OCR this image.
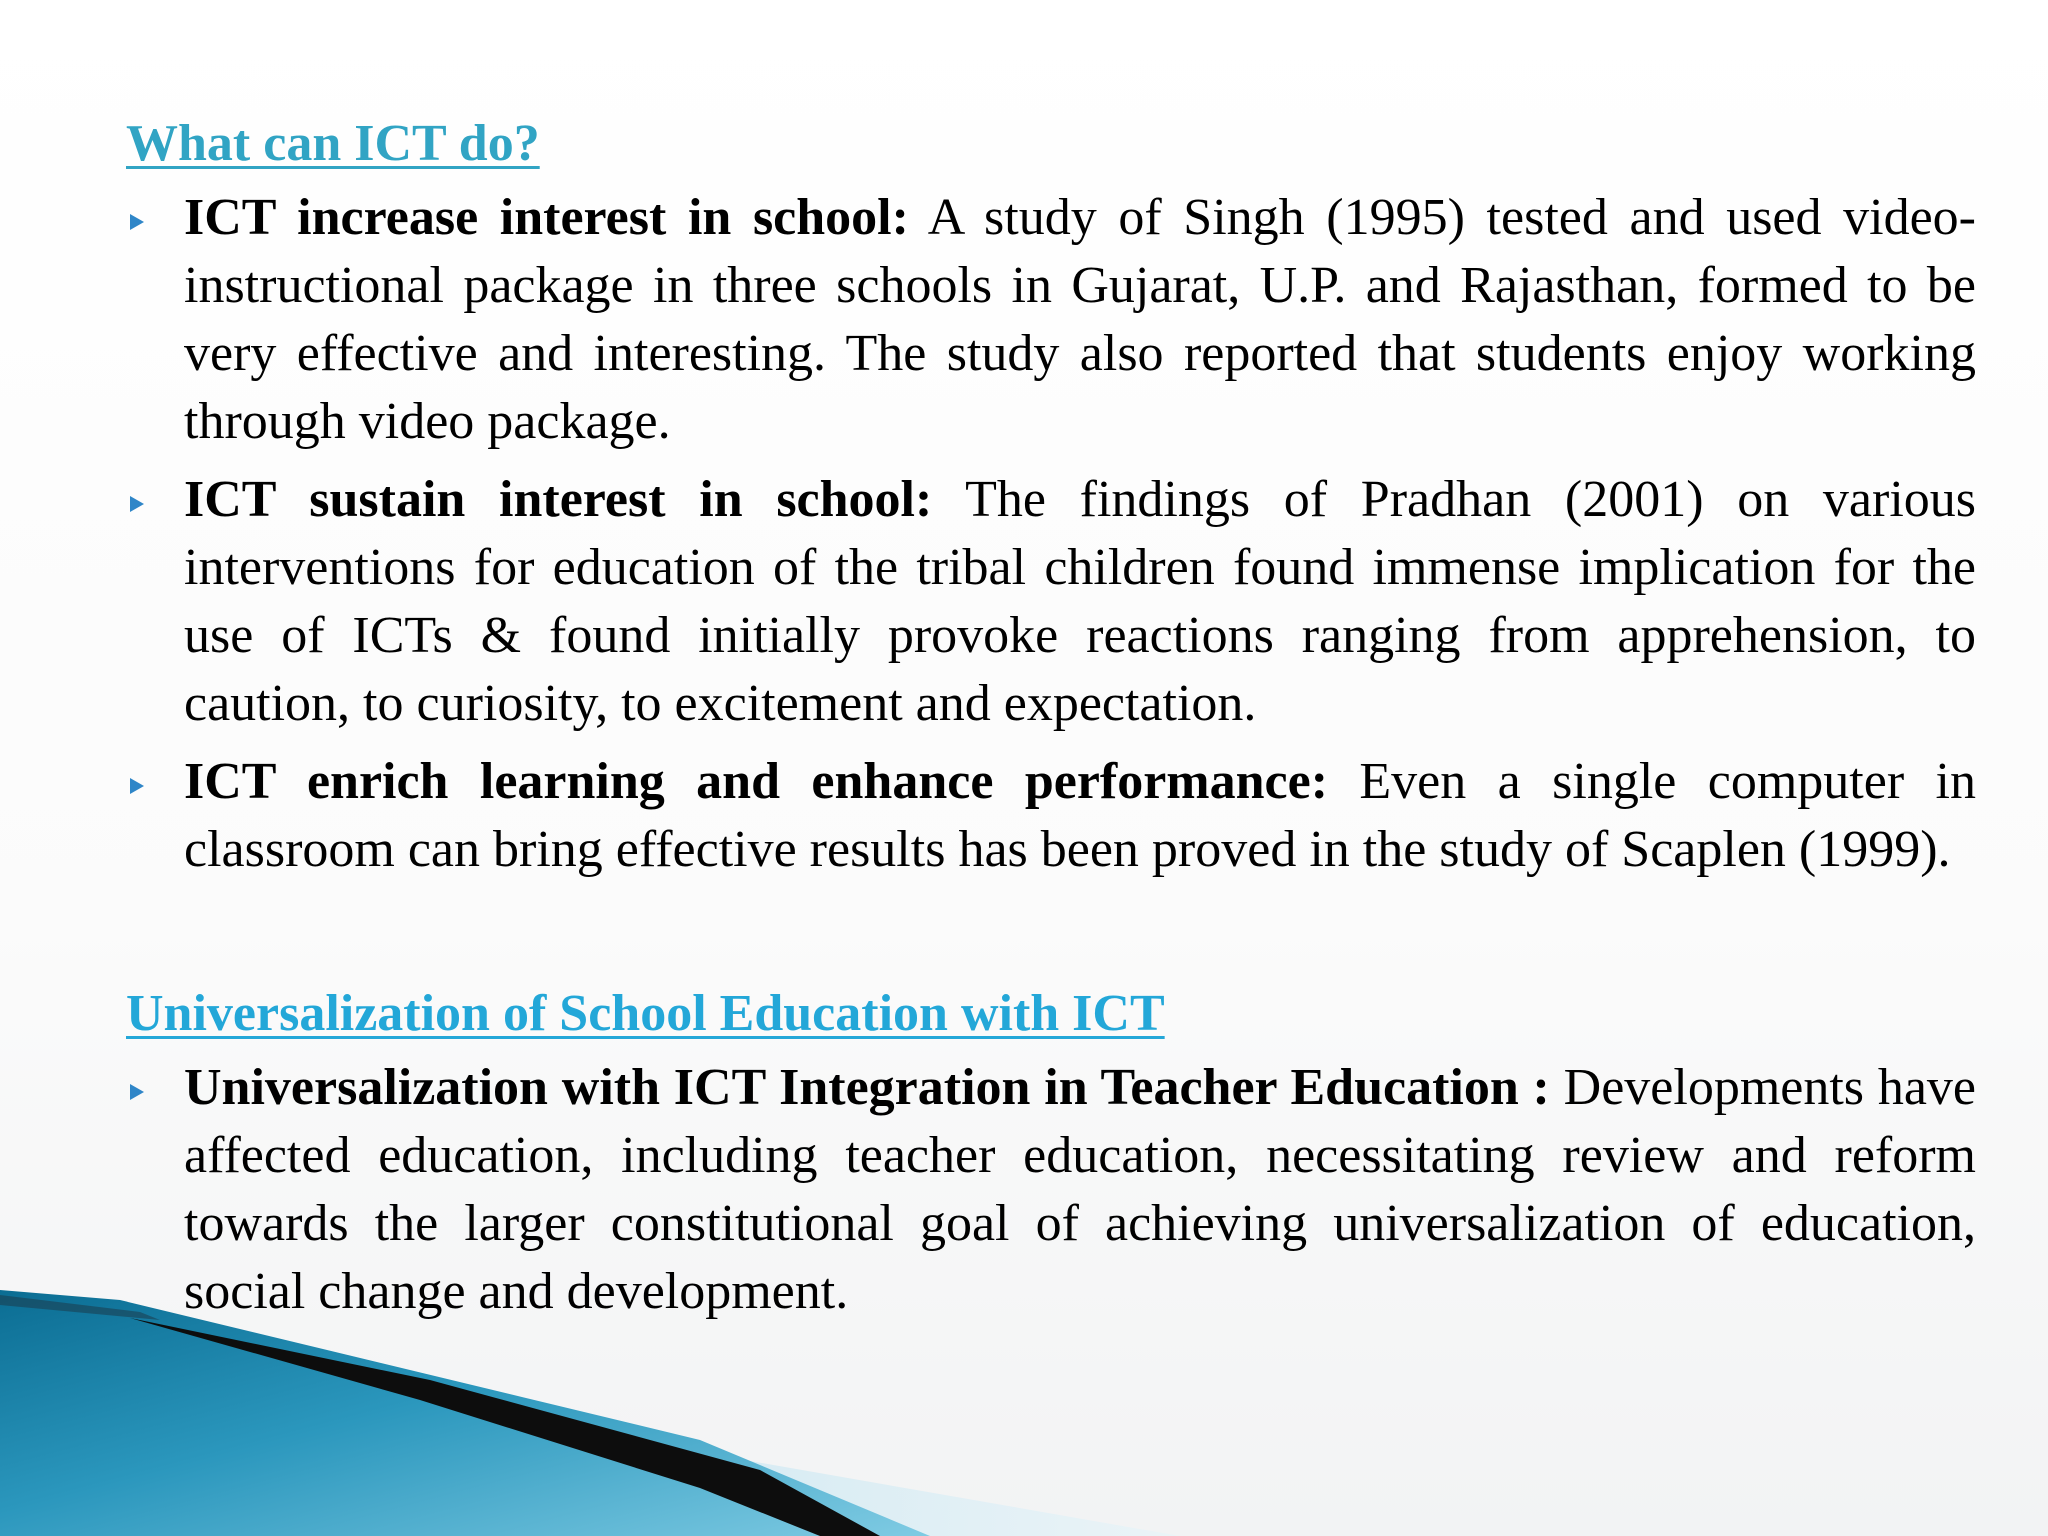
What can ICT do?
ICT increase interest in school: A study of Singh (1995) tested and used video-instructional package in three schools in Gujarat, U.P. and Rajasthan, formed to be very effective and interesting. The study also reported that students enjoy working through video package.
ICT sustain interest in school: The findings of Pradhan (2001) on various interventions for education of the tribal children found immense implication for the use of ICTs & found initially provoke reactions ranging from apprehension, to caution, to curiosity, to excitement and expectation.
ICT enrich learning and enhance performance: Even a single computer in classroom can bring effective results has been proved in the study of Scaplen (1999).
Universalization of School Education with ICT
Universalization with ICT Integration in Teacher Education : Developments have affected education, including teacher education, necessitating review and reform towards the larger constitutional goal of achieving universalization of education, social change and development.
